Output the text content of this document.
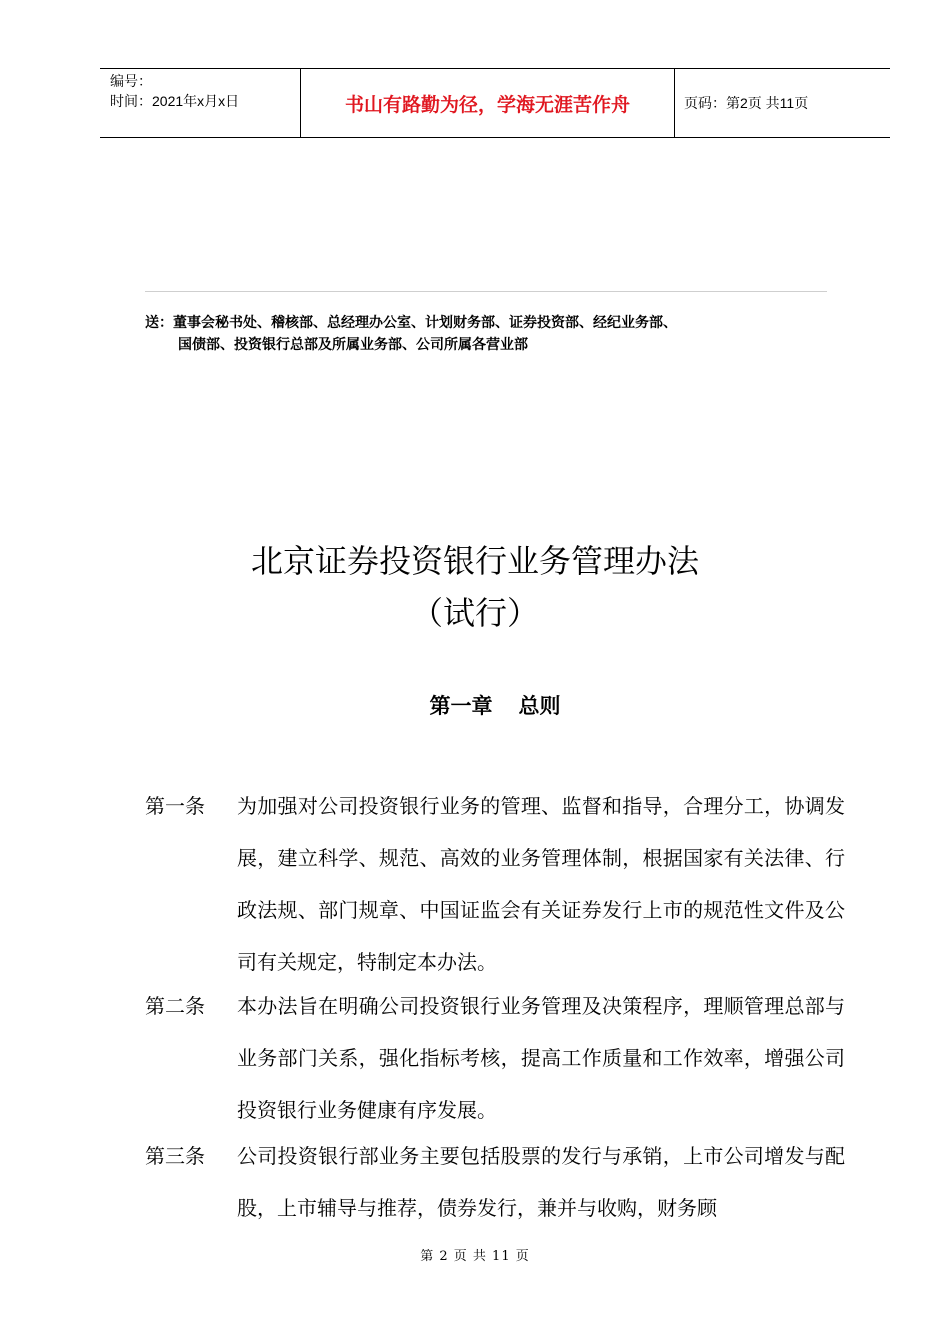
编号：
时间：2021年x月x日	书山有路勤为径，学海无涯苦作舟	页码：第2页 共11页
送：董事会秘书处、稽核部、总经理办公室、计划财务部、证券投资部、经纪业务部、
国债部、投资银行总部及所属业务部、公司所属各营业部
北京证券投资银行业务管理办法
（试行）
第一章 总则
第一条	为加强对公司投资银行业务的管理、监督和指导，合理分工，协调发展，建立科学、规范、高效的业务管理体制，根据国家有关法律、行政法规、部门规章、中国证监会有关证券发行上市的规范性文件及公司有关规定，特制定本办法。
第二条	本办法旨在明确公司投资银行业务管理及决策程序，理顺管理总部与业务部门关系，强化指标考核，提高工作质量和工作效率，增强公司投资银行业务健康有序发展。
第三条	公司投资银行部业务主要包括股票的发行与承销，上市公司增发与配股，上市辅导与推荐，债券发行，兼并与收购，财务顾
第 2 页 共 11 页
